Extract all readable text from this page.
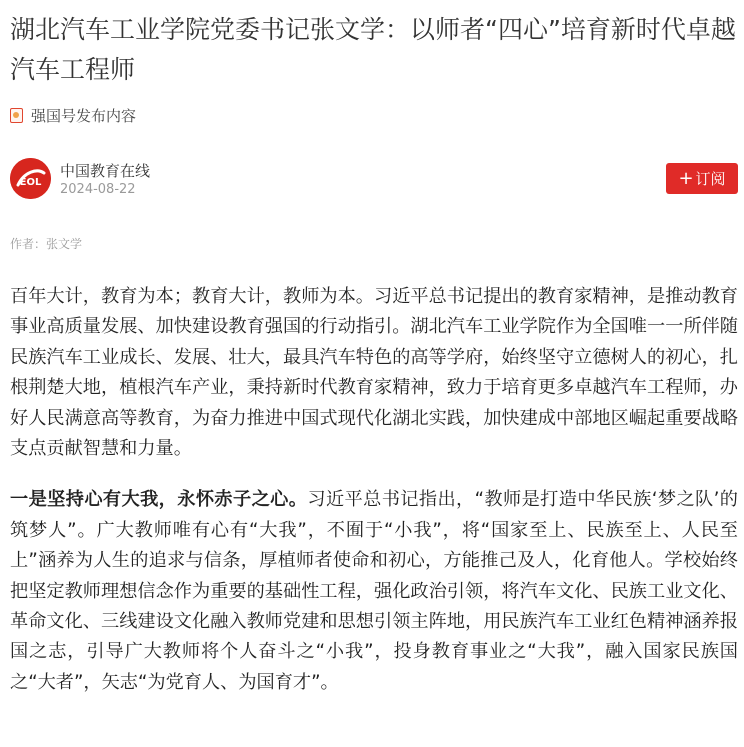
湖北汽车工业学院党委书记张文学：以师者“四心”培育新时代卓越汽车工程师
强国号发布内容
EOL
中国教育在线
2024-08-22
+ 订阅
作者：张文学

百年大计，教育为本；教育大计，教师为本。习近平总书记提出的教育家精神，是推动教育事业高质量发展、加快建设教育强国的行动指引。湖北汽车工业学院作为全国唯一一所伴随民族汽车工业成长、发展、壮大，最具汽车特色的高等学府，始终坚守立德树人的初心，扎根荆楚大地，植根汽车产业，秉持新时代教育家精神，致力于培育更多卓越汽车工程师，办好人民满意高等教育，为奋力推进中国式现代化湖北实践，加快建成中部地区崛起重要战略支点贡献智慧和力量。

一是坚持心有大我，永怀赤子之心。习近平总书记指出，“教师是打造中华民族‘梦之队’的筑梦人”。广大教师唯有心有“大我”，不囿于“小我”，将“国家至上、民族至上、人民至上”涵养为人生的追求与信条，厚植师者使命和初心，方能推己及人，化育他人。学校始终把坚定教师理想信念作为重要的基础性工程，强化政治引领，将汽车文化、民族工业文化、革命文化、三线建设文化融入教师党建和思想引领主阵地，用民族汽车工业红色精神涵养报国之志，引导广大教师将个人奋斗之“小我”，投身教育事业之“大我”，融入国家民族国之“大者”，矢志“为党育人、为国育才”。
